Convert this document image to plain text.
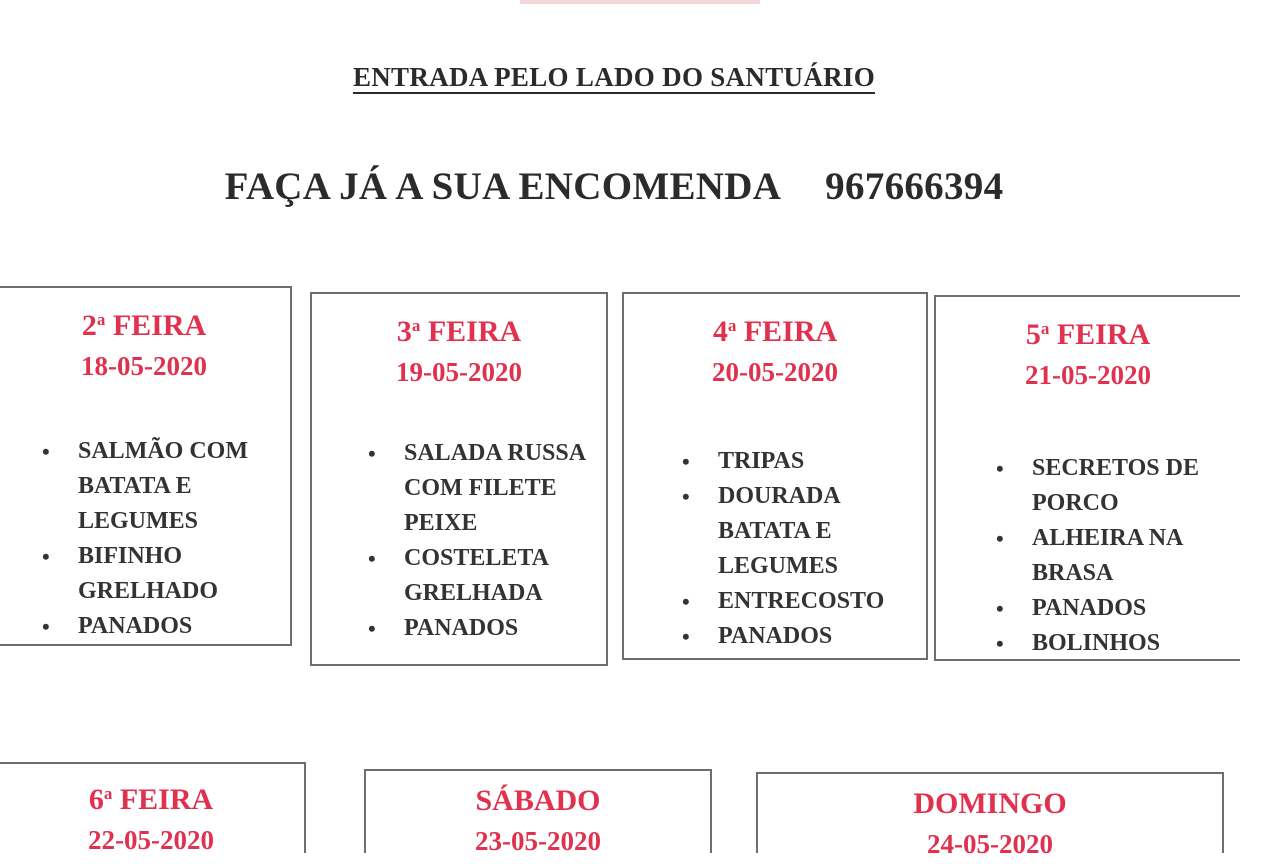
ENTRADA PELO LADO DO SANTUÁRIO
FAÇA JÁ A SUA ENCOMENDA 967666394
2$^a$ FEIRA
18-05-2020
• SALMÃO COM BATATA E LEGUMES
• BIFINHO GRELHADO
• PANADOS
3$^a$ FEIRA
19-05-2020
• SALADA RUSSA COM FILETE PEIXE
• COSTELETA GRELHADA
• PANADOS
4$^a$ FEIRA
20-05-2020
• TRIPAS
• DOURADA BATATA E LEGUMES
• ENTRECOSTO
• PANADOS
5$^a$ FEIRA
21-05-2020
• SECRETOS DE PORCO
• ALHEIRA NA BRASA
• PANADOS
• BOLINHOS
6$^a$ FEIRA
22-05-2020
SÁBADO
23-05-2020
DOMINGO
24-05-2020
